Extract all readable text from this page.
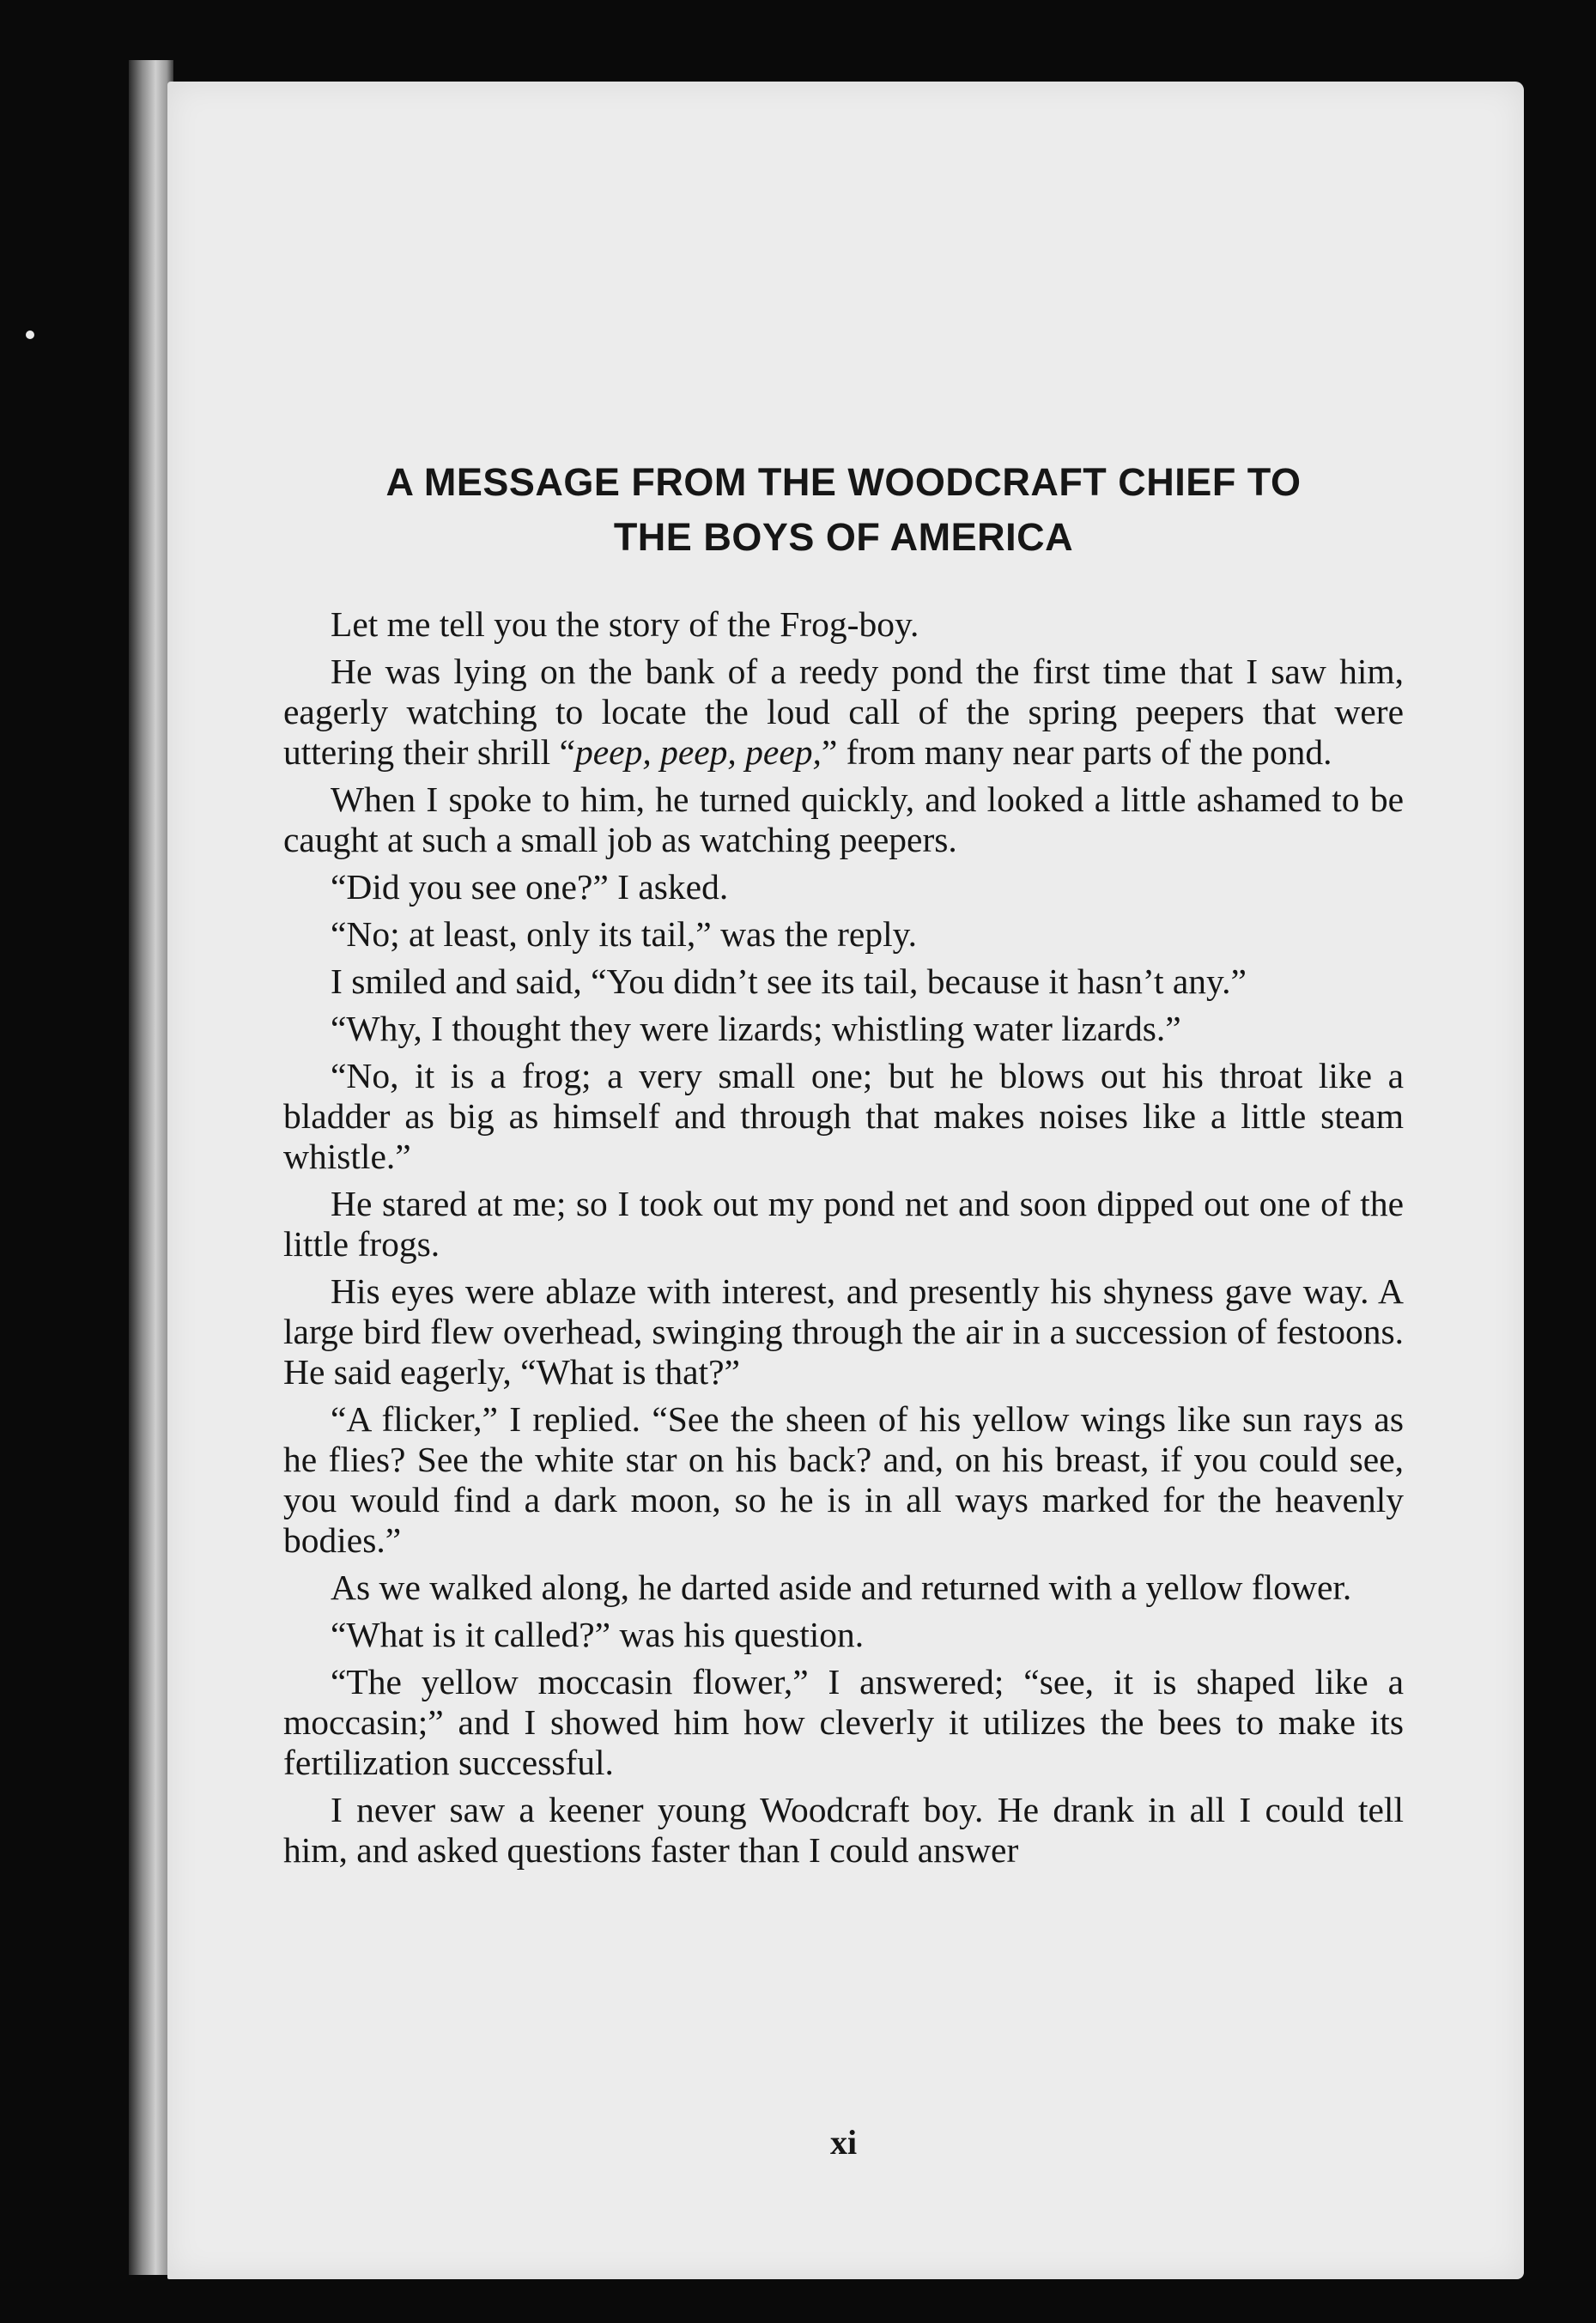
A MESSAGE FROM THE WOODCRAFT CHIEF TO
THE BOYS OF AMERICA

Let me tell you the story of the Frog-boy.

He was lying on the bank of a reedy pond the first time that I saw him, eagerly watching to locate the loud call of the spring peepers that were uttering their shrill “peep, peep, peep,” from many near parts of the pond.

When I spoke to him, he turned quickly, and looked a little ashamed to be caught at such a small job as watching peepers.

“Did you see one?” I asked.

“No; at least, only its tail,” was the reply.

I smiled and said, “You didn’t see its tail, because it hasn’t any.”

“Why, I thought they were lizards; whistling water lizards.”

“No, it is a frog; a very small one; but he blows out his throat like a bladder as big as himself and through that makes noises like a little steam whistle.”

He stared at me; so I took out my pond net and soon dipped out one of the little frogs.

His eyes were ablaze with interest, and presently his shyness gave way. A large bird flew overhead, swinging through the air in a succession of festoons. He said eagerly, “What is that?”

“A flicker,” I replied. “See the sheen of his yellow wings like sun rays as he flies? See the white star on his back? and, on his breast, if you could see, you would find a dark moon, so he is in all ways marked for the heavenly bodies.”

As we walked along, he darted aside and returned with a yellow flower.

“What is it called?” was his question.

“The yellow moccasin flower,” I answered; “see, it is shaped like a moccasin;” and I showed him how cleverly it utilizes the bees to make its fertilization successful.

I never saw a keener young Woodcraft boy. He drank in all I could tell him, and asked questions faster than I could answer

xi
